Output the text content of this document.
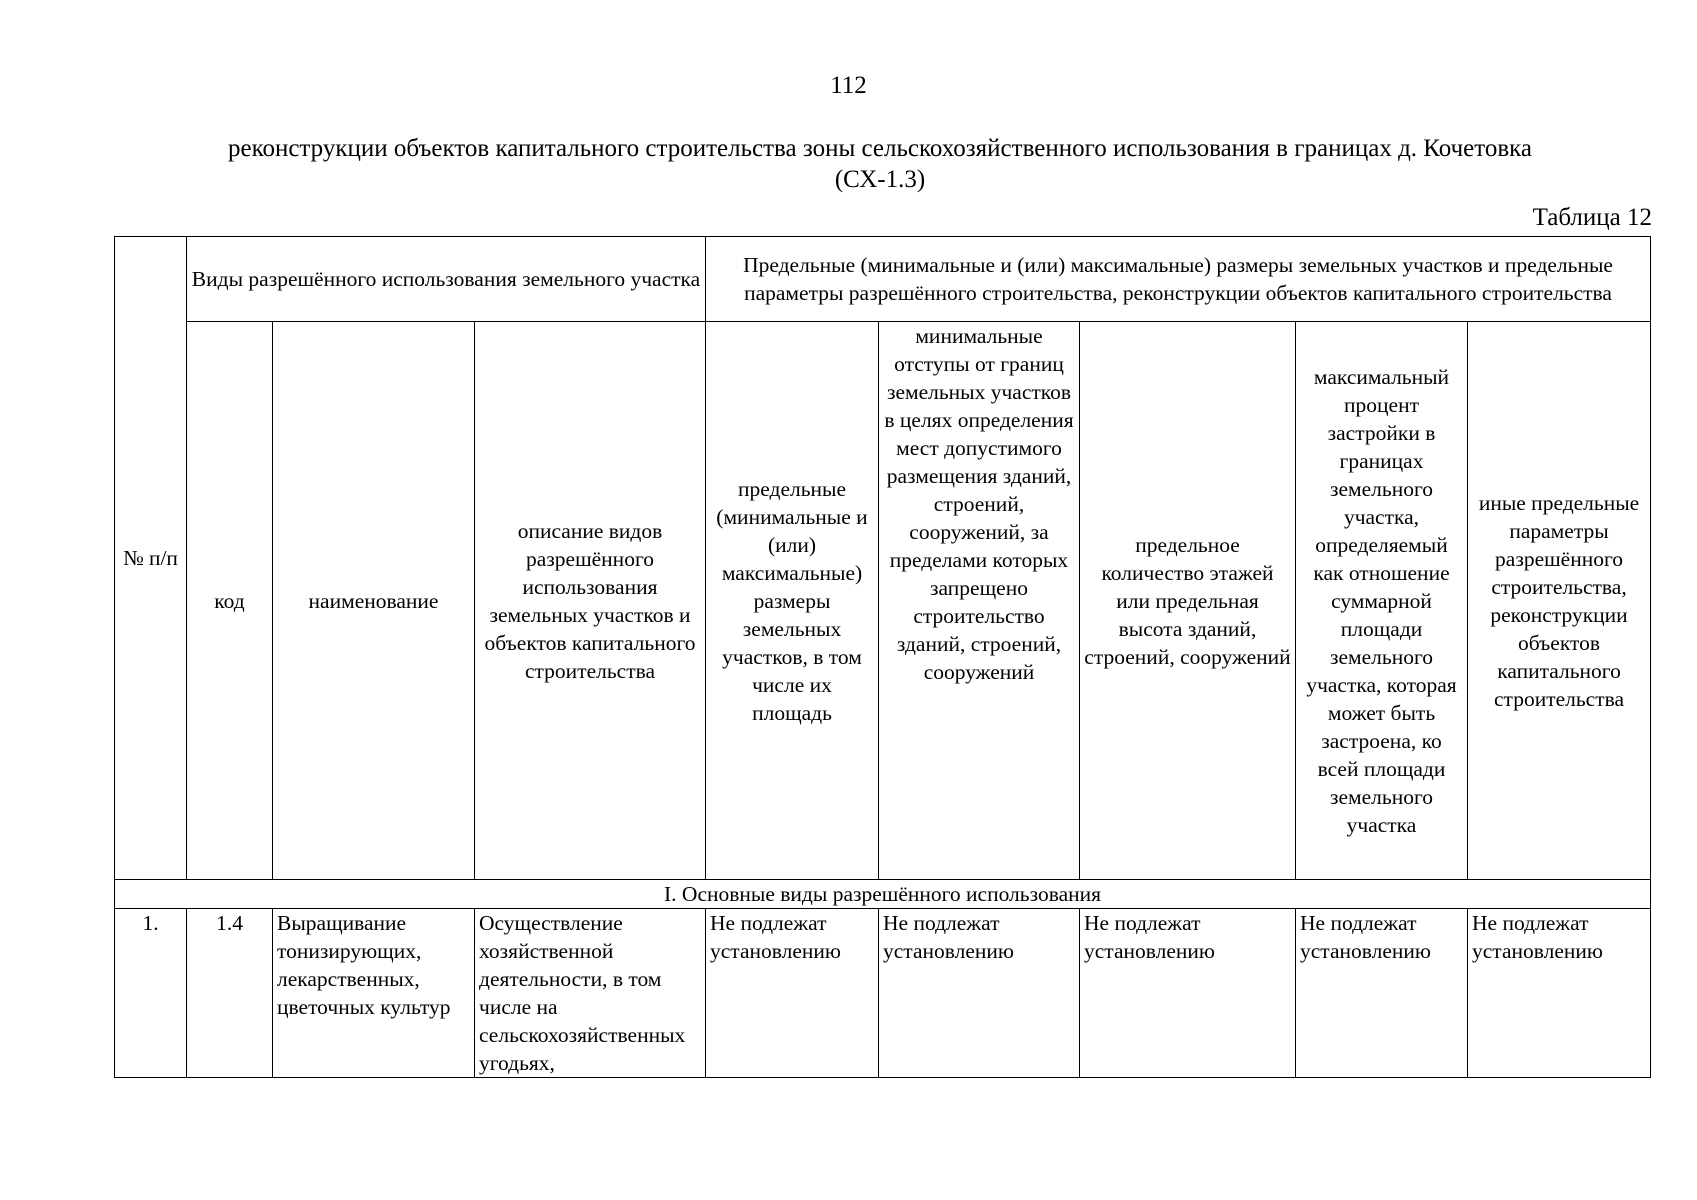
112
реконструкции объектов капитального строительства зоны сельскохозяйственного использования в границах д. Кочетовка
(СХ-1.3)
Таблица 12
№ п/п	Виды разрешённого использования земельного участка			Предельные (минимальные и (или) максимальные) размеры земельных участков и предельные параметры разрешённого строительства, реконструкции объектов капитального строительства				
	код	наименование	описание видов разрешённого использования земельных участков и объектов капитального строительства	предельные (минимальные и (или) максимальные) размеры земельных участков, в том числе их площадь	минимальные отступы от границ земельных участков в целях определения мест допустимого размещения зданий, строений, сооружений, за пределами которых запрещено строительство зданий, строений, сооружений	предельное количество этажей или предельная высота зданий, строений, сооружений	максимальный процент застройки в границах земельного участка, определяемый как отношение суммарной площади земельного участка, которая может быть застроена, ко всей площади земельного участка	иные предельные параметры разрешённого строительства, реконструкции объектов капитального строительства
I. Основные виды разрешённого использования								
1.	1.4	Выращивание тонизирующих, лекарственных, цветочных культур	Осуществление хозяйственной деятельности, в том числе на сельскохозяйственных угодьях,	Не подлежат установлению	Не подлежат установлению	Не подлежат установлению	Не подлежат установлению	Не подлежат установлению
